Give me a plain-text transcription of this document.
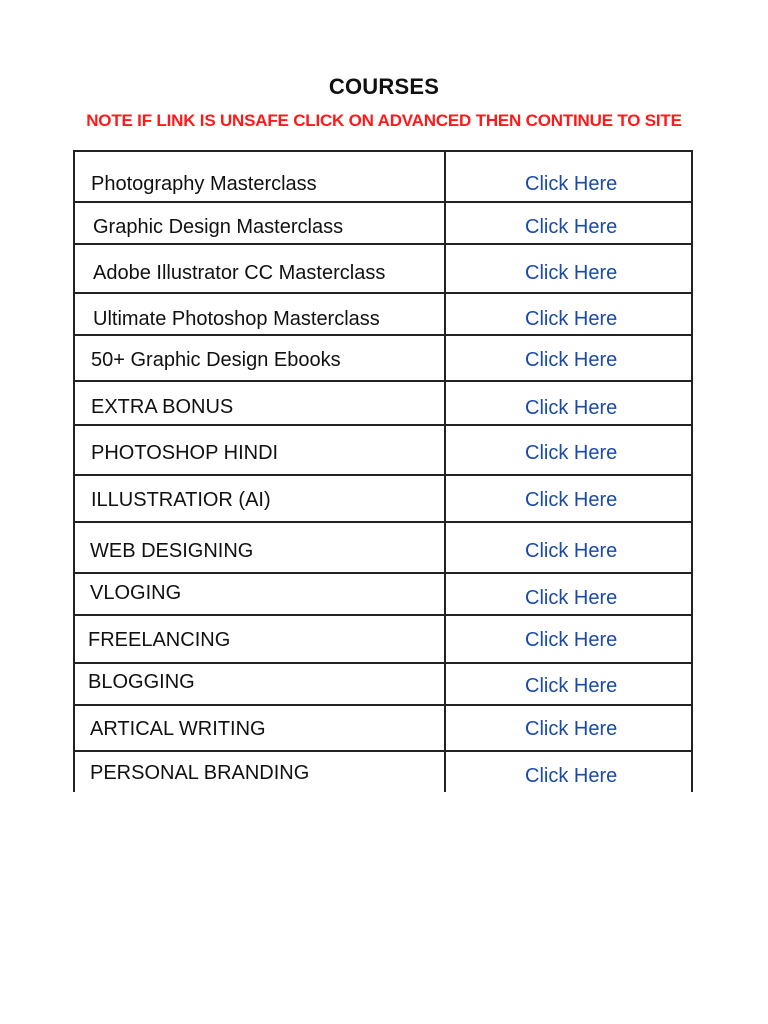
COURSES
NOTE IF LINK IS UNSAFE CLICK ON ADVANCED THEN CONTINUE TO SITE
Photography Masterclass	Click Here
Graphic Design Masterclass	Click Here
Adobe Illustrator CC Masterclass	Click Here
Ultimate Photoshop Masterclass	Click Here
50+ Graphic Design Ebooks	Click Here
EXTRA BONUS	Click Here
PHOTOSHOP HINDI	Click Here
ILLUSTRATIOR (AI)	Click Here
WEB DESIGNING	Click Here
VLOGING	Click Here
FREELANCING	Click Here
BLOGGING	Click Here
ARTICAL WRITING	Click Here
PERSONAL BRANDING	Click Here
